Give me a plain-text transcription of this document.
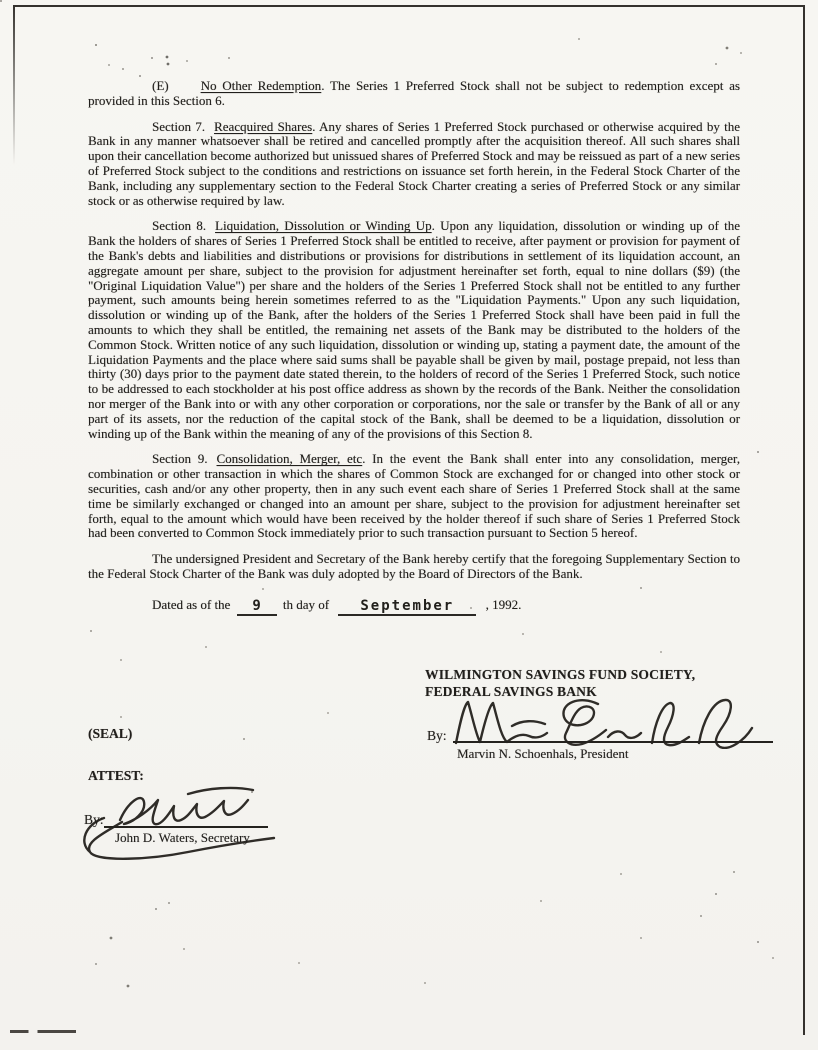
(E) No Other Redemption. The Series 1 Preferred Stock shall not be subject to redemption except as provided in this Section 6.

Section 7. Reacquired Shares. Any shares of Series 1 Preferred Stock purchased or otherwise acquired by the Bank in any manner whatsoever shall be retired and cancelled promptly after the acquisition thereof. All such shares shall upon their cancellation become authorized but unissued shares of Preferred Stock and may be reissued as part of a new series of Preferred Stock subject to the conditions and restrictions on issuance set forth herein, in the Federal Stock Charter of the Bank, including any supplementary section to the Federal Stock Charter creating a series of Preferred Stock or any similar stock or as otherwise required by law.

Section 8. Liquidation, Dissolution or Winding Up. Upon any liquidation, dissolution or winding up of the Bank the holders of shares of Series 1 Preferred Stock shall be entitled to receive, after payment or provision for payment of the Bank's debts and liabilities and distributions or provisions for distributions in settlement of its liquidation account, an aggregate amount per share, subject to the provision for adjustment hereinafter set forth, equal to nine dollars ($9) (the "Original Liquidation Value") per share and the holders of the Series 1 Preferred Stock shall not be entitled to any further payment, such amounts being herein sometimes referred to as the "Liquidation Payments." Upon any such liquidation, dissolution or winding up of the Bank, after the holders of the Series 1 Preferred Stock shall have been paid in full the amounts to which they shall be entitled, the remaining net assets of the Bank may be distributed to the holders of the Common Stock. Written notice of any such liquidation, dissolution or winding up, stating a payment date, the amount of the Liquidation Payments and the place where said sums shall be payable shall be given by mail, postage prepaid, not less than thirty (30) days prior to the payment date stated therein, to the holders of record of the Series 1 Preferred Stock, such notice to be addressed to each stockholder at his post office address as shown by the records of the Bank. Neither the consolidation nor merger of the Bank into or with any other corporation or corporations, nor the sale or transfer by the Bank of all or any part of its assets, nor the reduction of the capital stock of the Bank, shall be deemed to be a liquidation, dissolution or winding up of the Bank within the meaning of any of the provisions of this Section 8.

Section 9. Consolidation, Merger, etc. In the event the Bank shall enter into any consolidation, merger, combination or other transaction in which the shares of Common Stock are exchanged for or changed into other stock or securities, cash and/or any other property, then in any such event each share of Series 1 Preferred Stock shall at the same time be similarly exchanged or changed into an amount per share, subject to the provision for adjustment hereinafter set forth, equal to the amount which would have been received by the holder thereof if such share of Series 1 Preferred Stock had been converted to Common Stock immediately prior to such transaction pursuant to Section 5 hereof.

The undersigned President and Secretary of the Bank hereby certify that the foregoing Supplementary Section to the Federal Stock Charter of the Bank was duly adopted by the Board of Directors of the Bank.

Dated as of the 9 th day of September , 1992.
WILMINGTON SAVINGS FUND SOCIETY,
FEDERAL SAVINGS BANK
By:
Marvin N. Schoenhals, President
(SEAL)
ATTEST:
By:
John D. Waters, Secretary
